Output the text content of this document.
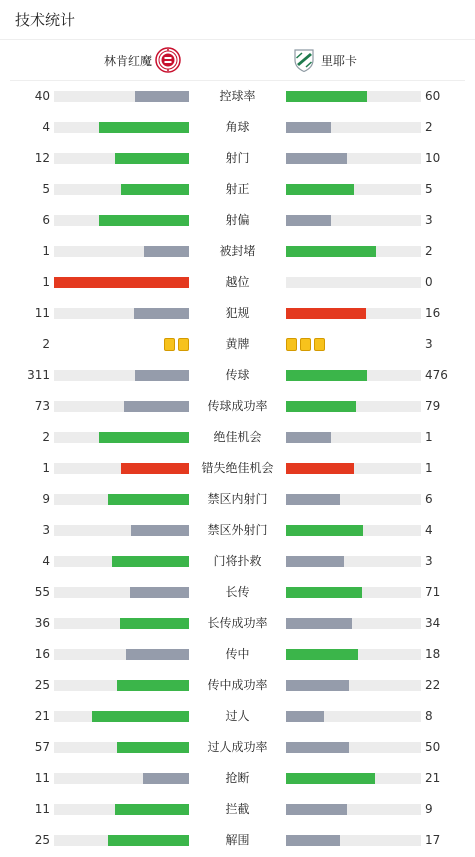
技术统计
林肯红魔	里耶卡
40	控球率	60
4	角球	2
12	射门	10
5	射正	5
6	射偏	3
1	被封堵	2
1	越位	0
11	犯规	16
2	黄牌	3
311	传球	476
73	传球成功率	79
2	绝佳机会	1
1	错失绝佳机会	1
9	禁区内射门	6
3	禁区外射门	4
4	门将扑救	3
55	长传	71
36	长传成功率	34
16	传中	18
25	传中成功率	22
21	过人	8
57	过人成功率	50
11	抢断	21
11	拦截	9
25	解围	17
